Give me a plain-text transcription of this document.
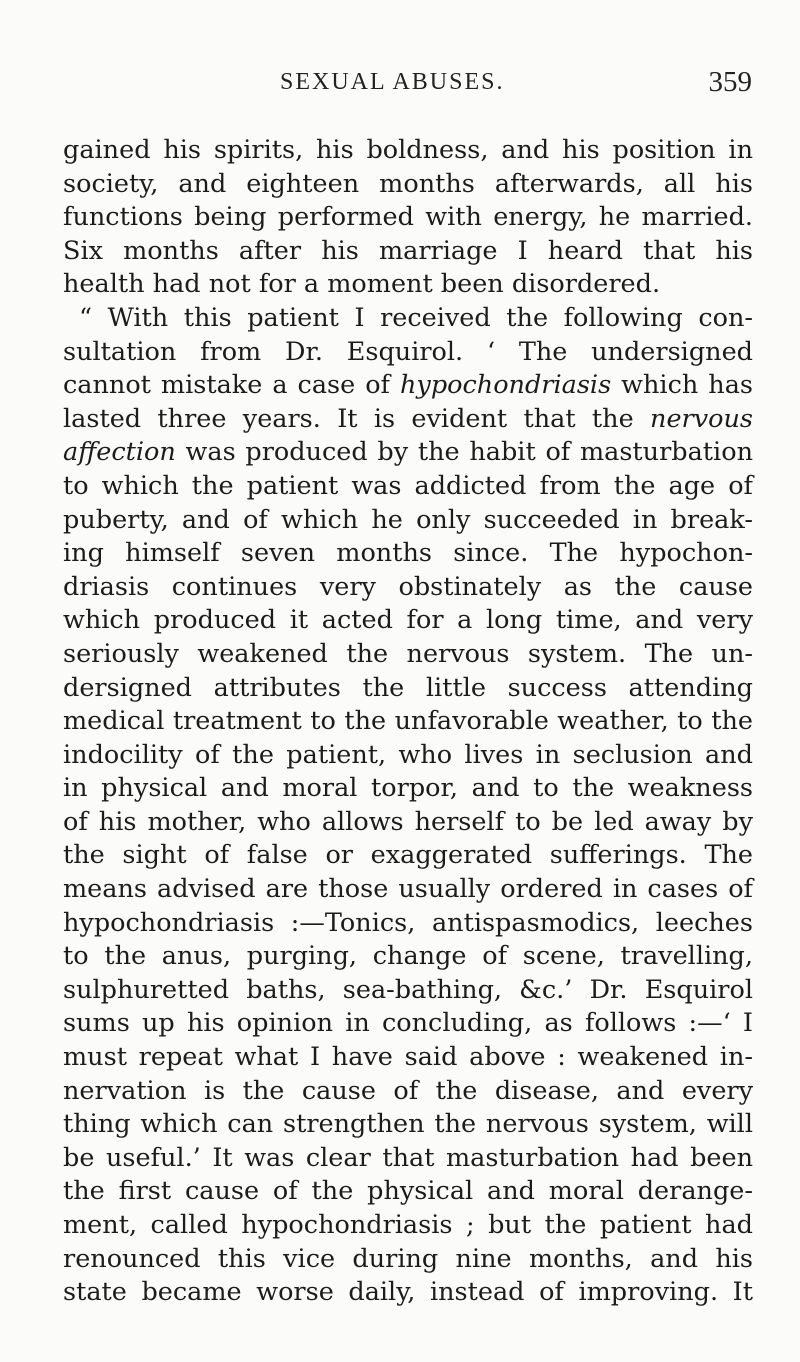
SEXUAL ABUSES.	359
gained his spirits, his boldness, and his position in
society, and eighteen months afterwards, all his
functions being performed with energy, he married.
Six months after his marriage I heard that his
health had not for a moment been disordered.
“ With this patient I received the following con-
sultation from Dr. Esquirol. ‘ The undersigned
cannot mistake a case of hypochondriasis which has
lasted three years. It is evident that the nervous
affection was produced by the habit of masturbation
to which the patient was addicted from the age of
puberty, and of which he only succeeded in break-
ing himself seven months since. The hypochon-
driasis continues very obstinately as the cause
which produced it acted for a long time, and very
seriously weakened the nervous system. The un-
dersigned attributes the little success attending
medical treatment to the unfavorable weather, to the
indocility of the patient, who lives in seclusion and
in physical and moral torpor, and to the weakness
of his mother, who allows herself to be led away by
the sight of false or exaggerated sufferings. The
means advised are those usually ordered in cases of
hypochondriasis :—Tonics, antispasmodics, leeches
to the anus, purging, change of scene, travelling,
sulphuretted baths, sea-bathing, &c.’ Dr. Esquirol
sums up his opinion in concluding, as follows :—‘ I
must repeat what I have said above : weakened in-
nervation is the cause of the disease, and every
thing which can strengthen the nervous system, will
be useful.’ It was clear that masturbation had been
the first cause of the physical and moral derange-
ment, called hypochondriasis ; but the patient had
renounced this vice during nine months, and his
state became worse daily, instead of improving. It
